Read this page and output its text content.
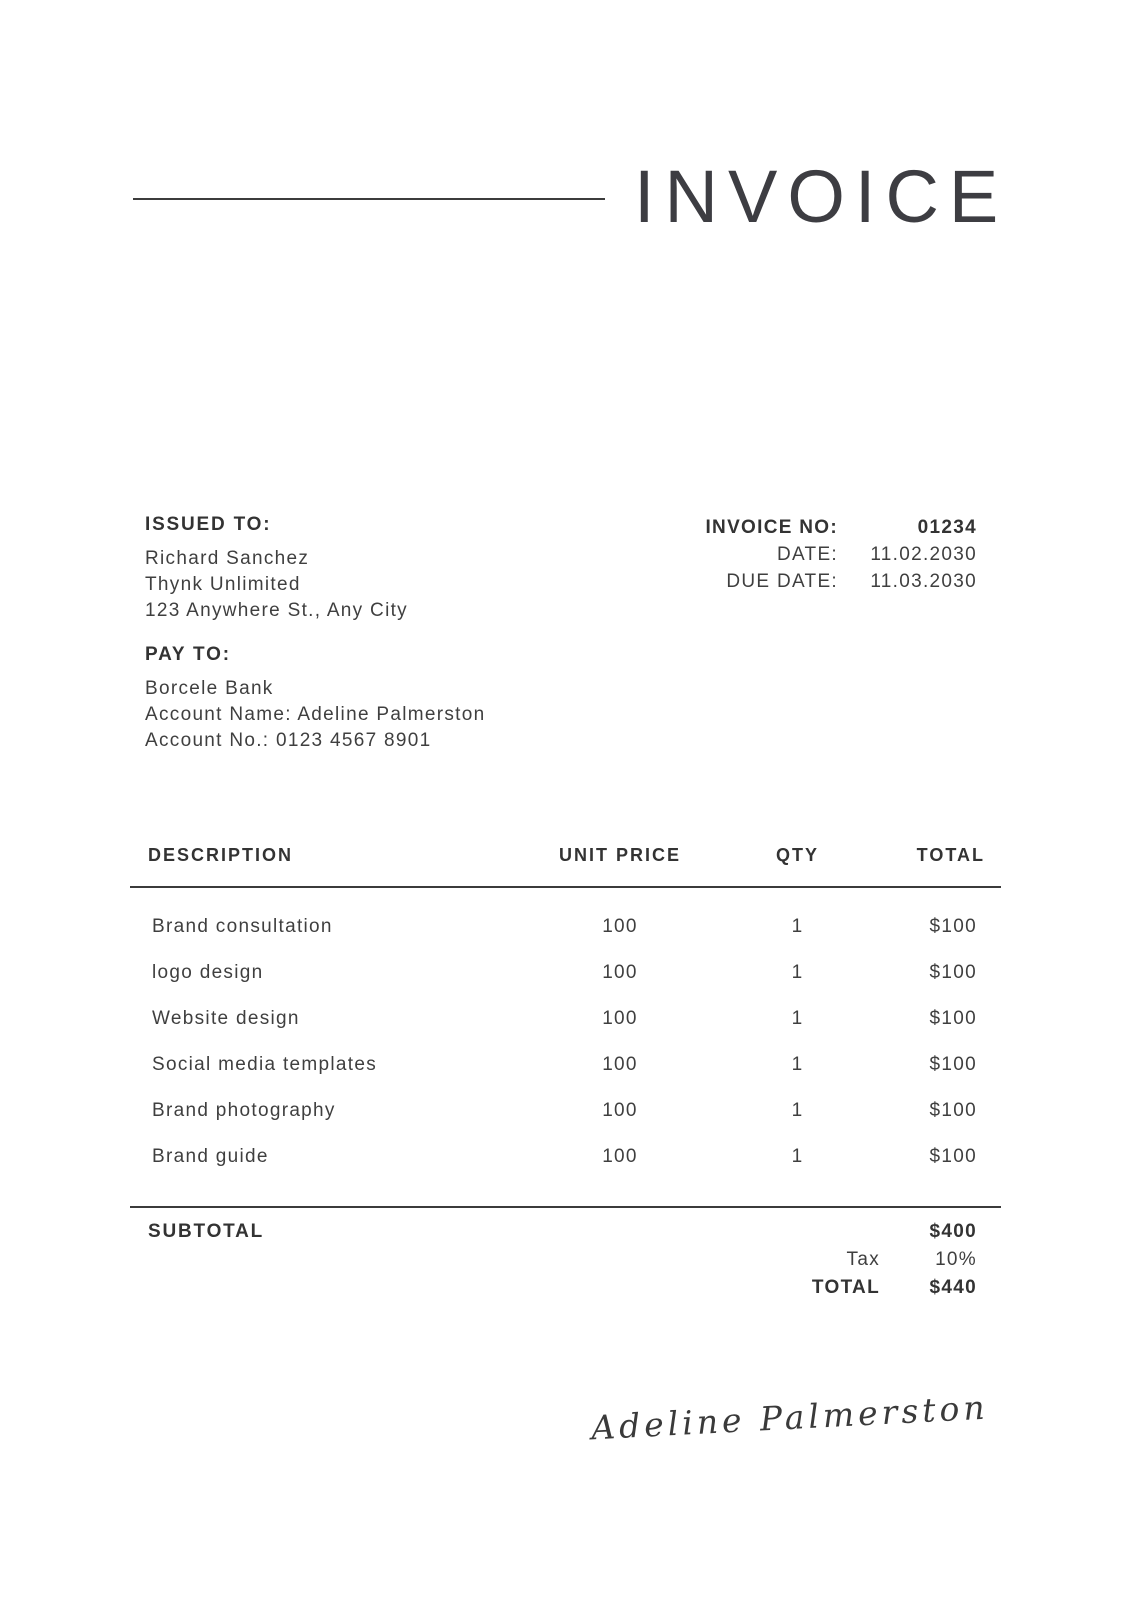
INVOICE
ISSUED TO:
Richard Sanchez
Thynk Unlimited
123 Anywhere St., Any City
INVOICE NO:	01234
DATE:	11.02.2030
DUE DATE:	11.03.2030
PAY TO:
Borcele Bank
Account Name: Adeline Palmerston
Account No.: 0123 4567 8901
DESCRIPTION	UNIT PRICE	QTY	TOTAL
Brand consultation	100	1	$100
logo design	100	1	$100
Website design	100	1	$100
Social media templates	100	1	$100
Brand photography	100	1	$100
Brand guide	100	1	$100
SUBTOTAL	$400
Tax	10%
TOTAL	$440
Adeline Palmerston
